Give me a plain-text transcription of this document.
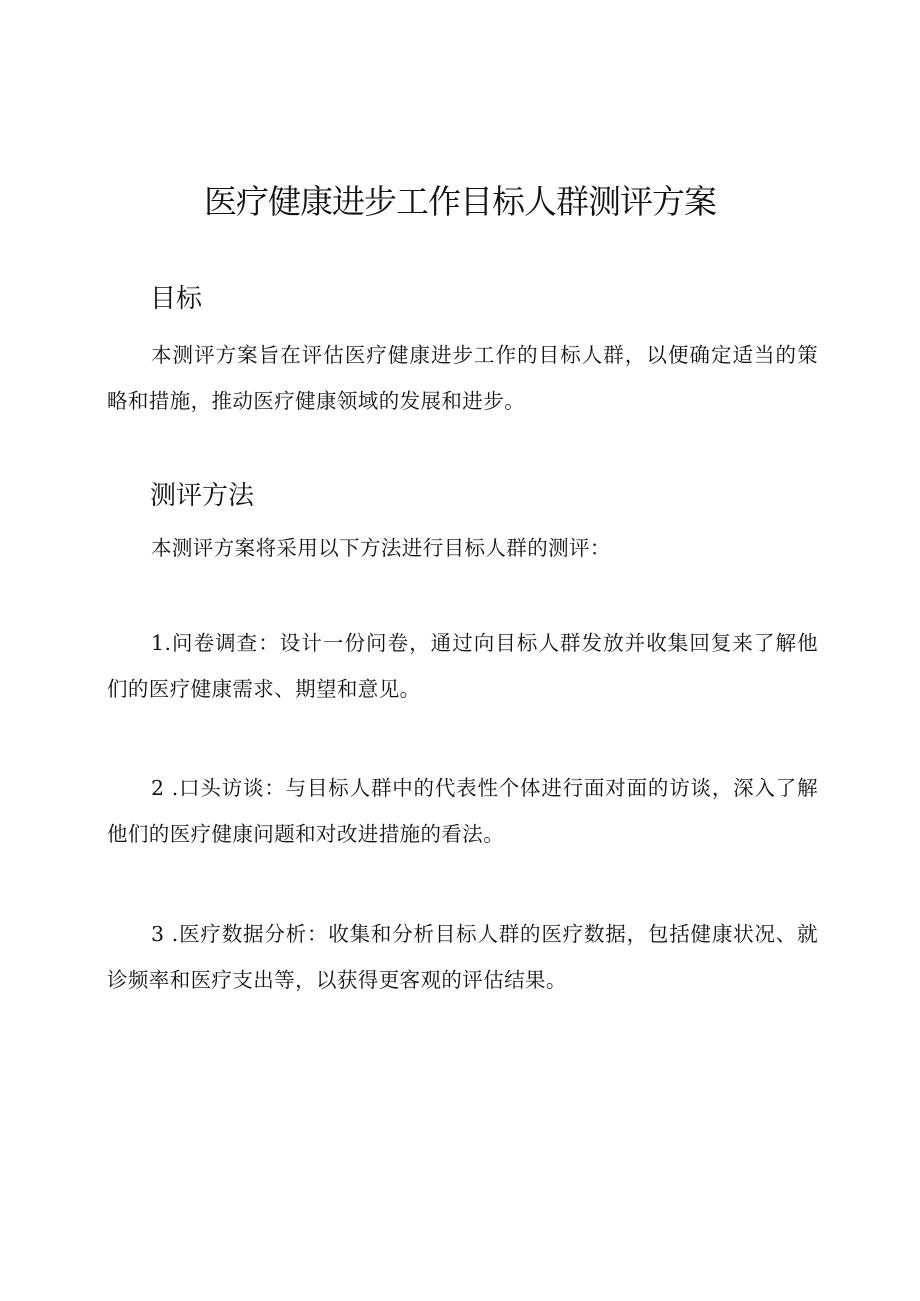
医疗健康进步工作目标人群测评方案
目标

本测评方案旨在评估医疗健康进步工作的目标人群，以便确定适当的策略和措施，推动医疗健康领域的发展和进步。

测评方法

本测评方案将采用以下方法进行目标人群的测评：

1.问卷调查：设计一份问卷，通过向目标人群发放并收集回复来了解他们的医疗健康需求、期望和意见。

2 .口头访谈：与目标人群中的代表性个体进行面对面的访谈，深入了解他们的医疗健康问题和对改进措施的看法。

3 .医疗数据分析：收集和分析目标人群的医疗数据，包括健康状况、就诊频率和医疗支出等，以获得更客观的评估结果。
